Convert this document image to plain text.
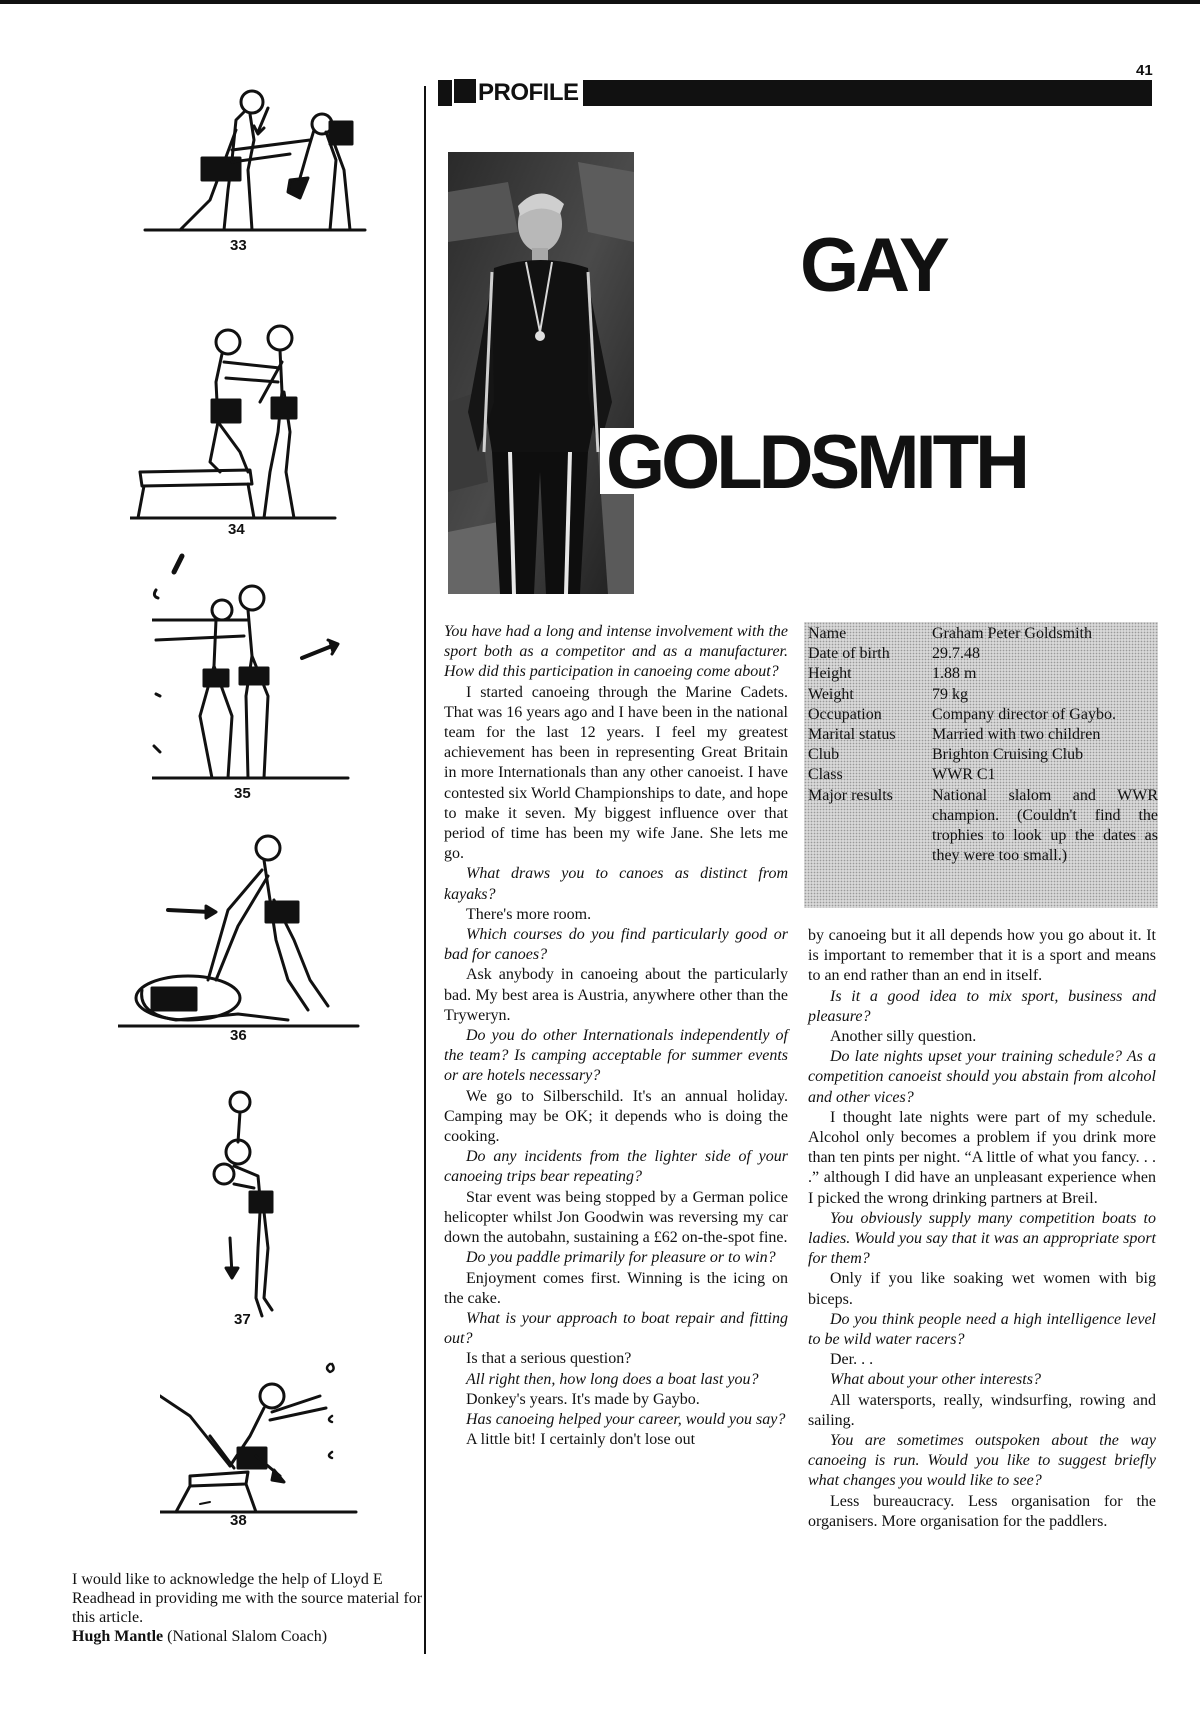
41
33
34
35
36
37
38
I would like to acknowledge the help of Lloyd E Readhead in providing me with the source material for this article.
Hugh Mantle (National Slalom Coach)
PROFILE
GAY
GOLDSMITH
Name	Graham Peter Goldsmith
Date of birth	29.7.48
Height	1.88 m
Weight	79 kg
Occupation	Company director of Gaybo.
Marital status	Married with two children
Club	Brighton Cruising Club
Class	WWR C1
Major results	National slalom and WWR champion. (Couldn't find the trophies to look up the dates as they were too small.)

You have had a long and intense involvement with the sport both as a competitor and as a manufacturer. How did this participation in canoeing come about?

I started canoeing through the Marine Cadets. That was 16 years ago and I have been in the national team for the last 12 years. I feel my greatest achievement has been in representing Great Britain in more Internationals than any other canoeist. I have contested six World Championships to date, and hope to make it seven. My biggest influence over that period of time has been my wife Jane. She lets me go.

What draws you to canoes as distinct from kayaks?

There's more room.

Which courses do you find particularly good or bad for canoes?

Ask anybody in canoeing about the particularly bad. My best area is Austria, anywhere other than the Tryweryn.

Do you do other Internationals independently of the team? Is camping acceptable for summer events or are hotels necessary?

We go to Silberschild. It's an annual holiday. Camping may be OK; it depends who is doing the cooking.

Do any incidents from the lighter side of your canoeing trips bear repeating?

Star event was being stopped by a German police helicopter whilst Jon Goodwin was reversing my car down the autobahn, sustaining a £62 on-the-spot fine.

Do you paddle primarily for pleasure or to win?

Enjoyment comes first. Winning is the icing on the cake.

What is your approach to boat repair and fitting out?

Is that a serious question?

All right then, how long does a boat last you?

Donkey's years. It's made by Gaybo.

Has canoeing helped your career, would you say?

A little bit! I certainly don't lose out

by canoeing but it all depends how you go about it. It is important to remember that it is a sport and means to an end rather than an end in itself.

Is it a good idea to mix sport, business and pleasure?

Another silly question.

Do late nights upset your training schedule? As a competition canoeist should you abstain from alcohol and other vices?

I thought late nights were part of my schedule. Alcohol only becomes a problem if you drink more than ten pints per night. “A little of what you fancy. . . .” although I did have an unpleasant experience when I picked the wrong drinking partners at Breil.

You obviously supply many competition boats to ladies. Would you say that it was an appropriate sport for them?

Only if you like soaking wet women with big biceps.

Do you think people need a high intelligence level to be wild water racers?

Der. . .

What about your other interests?

All watersports, really, windsurfing, rowing and sailing.

You are sometimes outspoken about the way canoeing is run. Would you like to suggest briefly what changes you would like to see?

Less bureaucracy. Less organisation for the organisers. More organisation for the paddlers.
